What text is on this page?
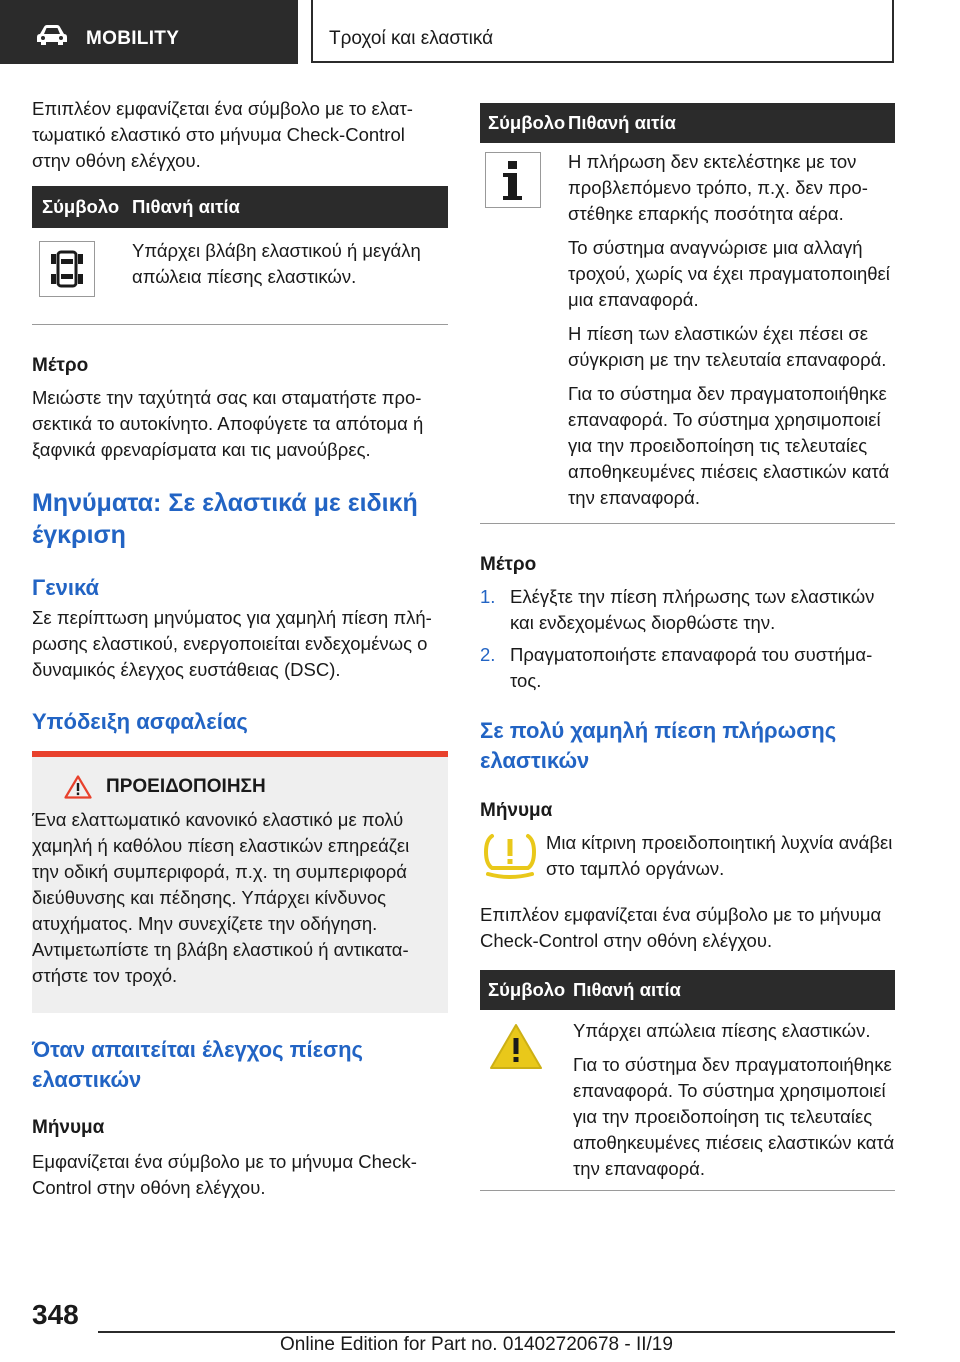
MOBILITY	Τροχοί και ελαστικά

Επιπλέον εμφανίζεται ένα σύμβολο με το ελαττωματικό ελαστικό στο μήνυμα Check-Control στην οθόνη ελέγχου.

Σύμβολο	Πιθανή αιτία

Υπάρχει βλάβη ελαστικού ή μεγάλη απώλεια πίεσης ελαστικών.

Μέτρο

Μειώστε την ταχύτητά σας και σταματήστε προσεκτικά το αυτοκίνητο. Αποφύγετε τα απότομα ή ξαφνικά φρεναρίσματα και τις μανούβρες.

Μηνύματα: Σε ελαστικά με ειδική έγκριση
Γενικά

Σε περίπτωση μηνύματος για χαμηλή πίεση πλήρωσης ελαστικού, ενεργοποιείται ενδεχομένως ο δυναμικός έλεγχος ευστάθειας (DSC).

Υπόδειξη ασφαλείας
ΠΡΟΕΙΔΟΠΟΙΗΣΗ

Ένα ελαττωματικό κανονικό ελαστικό με πολύ χαμηλή ή καθόλου πίεση ελαστικών επηρεάζει την οδική συμπεριφορά, π.χ. τη συμπεριφορά διεύθυνσης και πέδησης. Υπάρχει κίνδυνος ατυχήματος. Μην συνεχίζετε την οδήγηση. Αντιμετωπίστε τη βλάβη ελαστικού ή αντικαταστήστε τον τροχό.

Όταν απαιτείται έλεγχος πίεσης ελαστικών

Μήνυμα

Εμφανίζεται ένα σύμβολο με το μήνυμα Check-Control στην οθόνη ελέγχου.

Σύμβολο	Πιθανή αιτία

Η πλήρωση δεν εκτελέστηκε με τον προβλεπόμενο τρόπο, π.χ. δεν προστέθηκε επαρκής ποσότητα αέρα.

Το σύστημα αναγνώρισε μια αλλαγή τροχού, χωρίς να έχει πραγματοποιηθεί μια επαναφορά.

Η πίεση των ελαστικών έχει πέσει σε σύγκριση με την τελευταία επαναφορά.

Για το σύστημα δεν πραγματοποιήθηκε επαναφορά. Το σύστημα χρησιμοποιεί για την προειδοποίηση τις τελευταίες αποθηκευμένες πιέσεις ελαστικών κατά την επαναφορά.

Μέτρο

1. Ελέγξτε την πίεση πλήρωσης των ελαστικών και ενδεχομένως διορθώστε την.
2. Πραγματοποιήστε επαναφορά του συστήματος.
Σε πολύ χαμηλή πίεση πλήρωσης ελαστικών

Μήνυμα

Μια κίτρινη προειδοποιητική λυχνία ανάβει στο ταμπλό οργάνων.

Επιπλέον εμφανίζεται ένα σύμβολο με το μήνυμα Check-Control στην οθόνη ελέγχου.

Σύμβολο	Πιθανή αιτία

Υπάρχει απώλεια πίεσης ελαστικών.

Για το σύστημα δεν πραγματοποιήθηκε επαναφορά. Το σύστημα χρησιμοποιεί για την προειδοποίηση τις τελευταίες αποθηκευμένες πιέσεις ελαστικών κατά την επαναφορά.

348
Online Edition for Part no. 01402720678 - II/19
